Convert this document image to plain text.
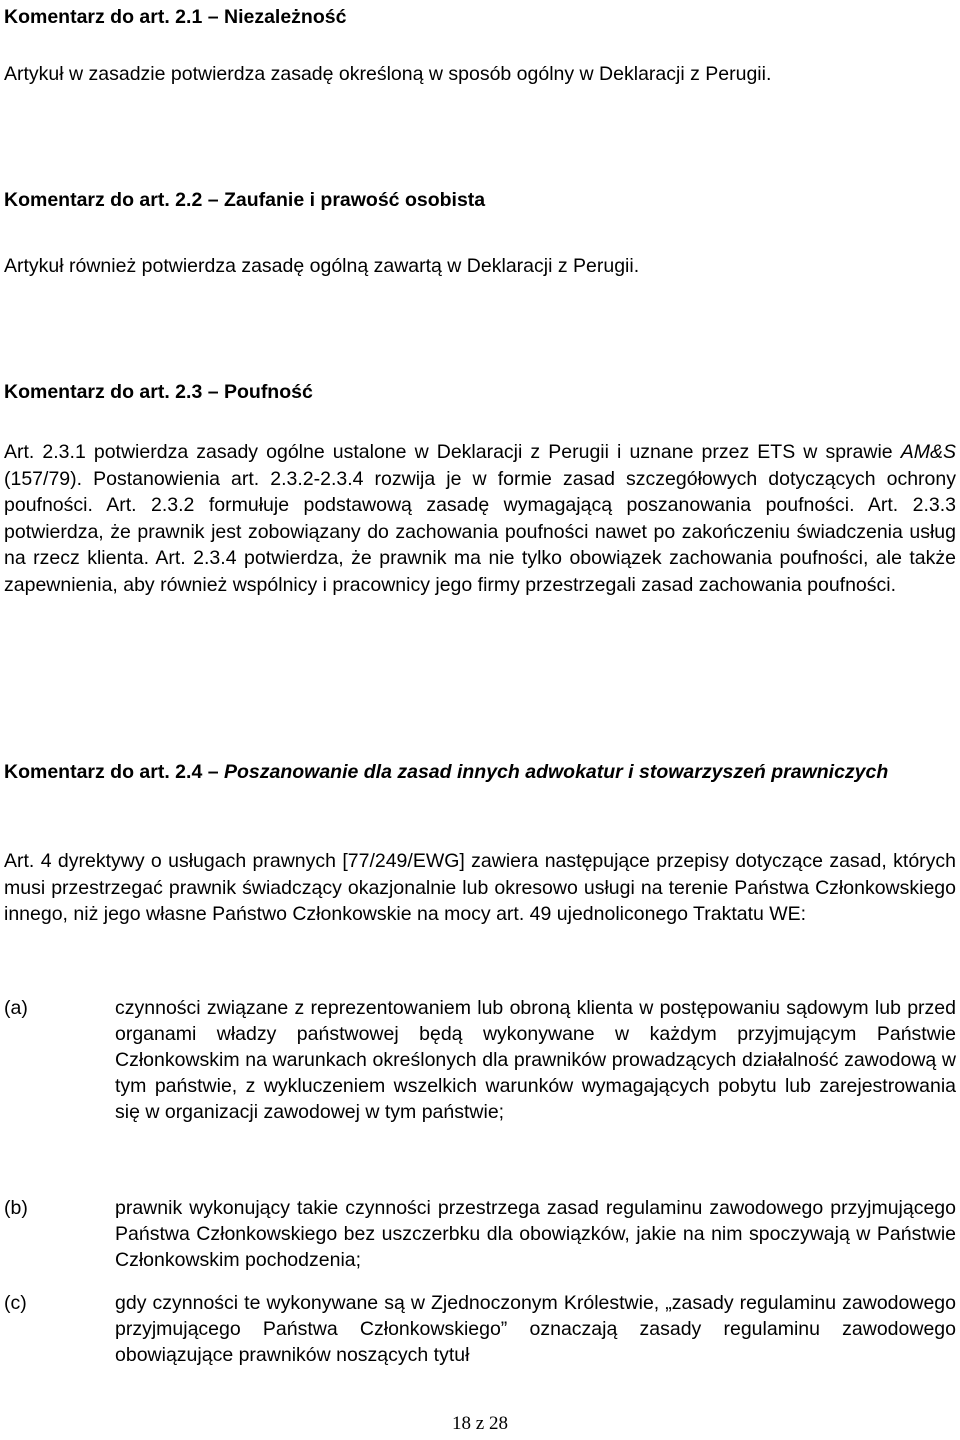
Komentarz do art. 2.1 – Niezależność

Artykuł w zasadzie potwierdza zasadę określoną w sposób ogólny w Deklaracji z Perugii.

Komentarz do art. 2.2 – Zaufanie i prawość osobista

Artykuł również potwierdza zasadę ogólną zawartą w Deklaracji z Perugii.

Komentarz do art. 2.3 – Poufność

Art. 2.3.1 potwierdza zasady ogólne ustalone w Deklaracji z Perugii i uznane przez ETS w sprawie AM&S (157/79). Postanowienia art. 2.3.2-2.3.4 rozwija je w formie zasad szczegółowych dotyczących ochrony poufności. Art. 2.3.2 formułuje podstawową zasadę wymagającą poszanowania poufności. Art. 2.3.3 potwierdza, że prawnik jest zobowiązany do zachowania poufności nawet po zakończeniu świadczenia usług na rzecz klienta. Art. 2.3.4 potwierdza, że prawnik ma nie tylko obowiązek zachowania poufności, ale także zapewnienia, aby również wspólnicy i pracownicy jego firmy przestrzegali zasad zachowania poufności.

Komentarz do art. 2.4 – Poszanowanie dla zasad innych adwokatur i stowarzyszeń prawniczych

Art. 4 dyrektywy o usługach prawnych [77/249/EWG] zawiera następujące przepisy dotyczące zasad, których musi przestrzegać prawnik świadczący okazjonalnie lub okresowo usługi na terenie Państwa Członkowskiego innego, niż jego własne Państwo Członkowskie na mocy art. 49 ujednoliconego Traktatu WE:

(a)	czynności związane z reprezentowaniem lub obroną klienta w postępowaniu sądowym lub przed organami władzy państwowej będą wykonywane w każdym przyjmującym Państwie Członkowskim na warunkach określonych dla prawników prowadzących działalność zawodową w tym państwie, z wykluczeniem wszelkich warunków wymagających pobytu lub zarejestrowania się w organizacji zawodowej w tym państwie;
(b)	prawnik wykonujący takie czynności przestrzega zasad regulaminu zawodowego przyjmującego Państwa Członkowskiego bez uszczerbku dla obowiązków, jakie na nim spoczywają w Państwie Członkowskim pochodzenia;
(c)	gdy czynności te wykonywane są w Zjednoczonym Królestwie, „zasady regulaminu zawodowego przyjmującego Państwa Członkowskiego” oznaczają zasady regulaminu zawodowego obowiązujące prawników noszących tytuł
18 z 28
